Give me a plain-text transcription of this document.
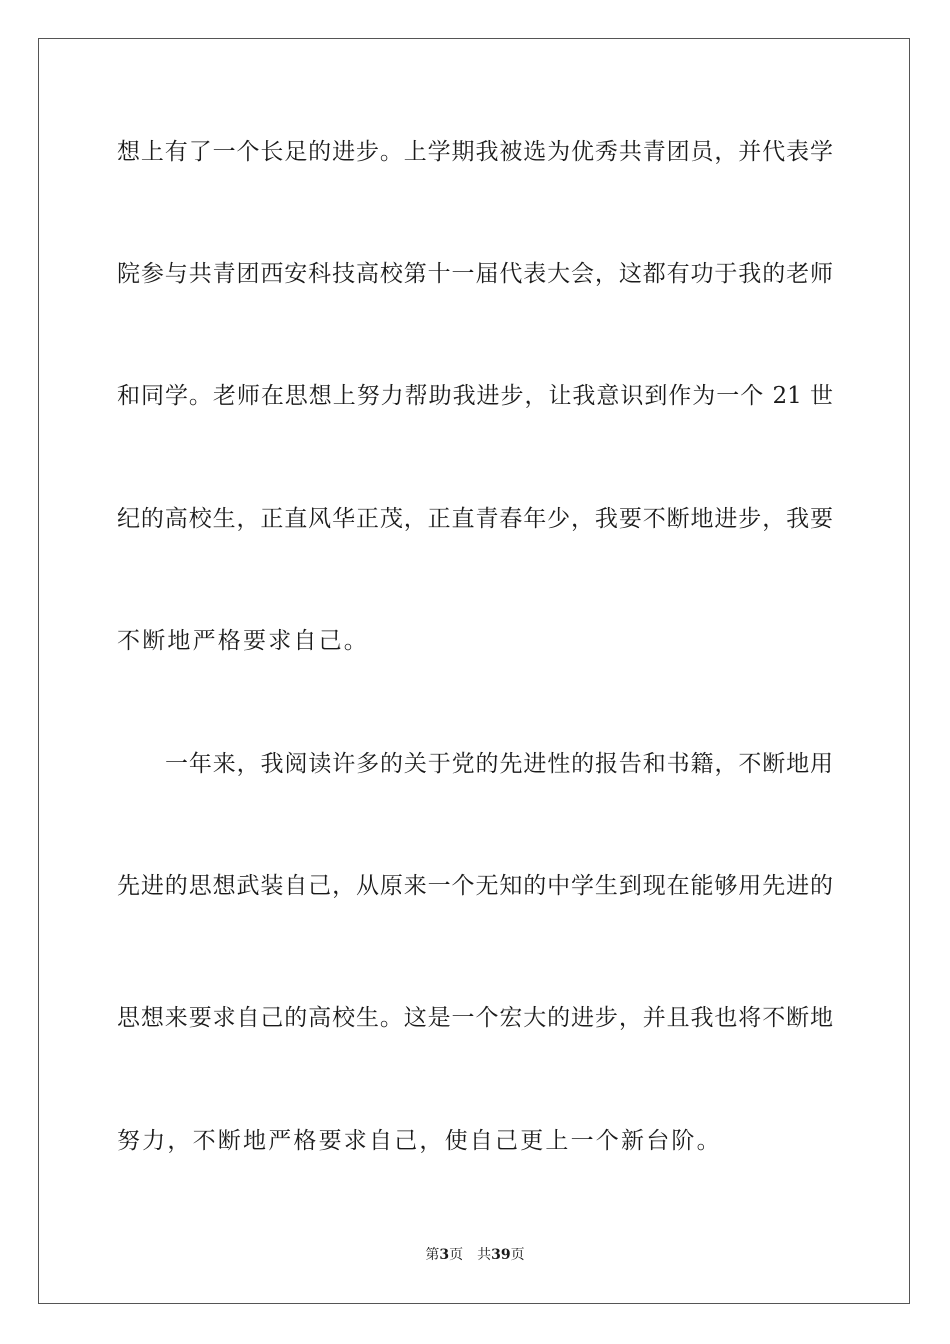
想上有了一个长足的进步。上学期我被选为优秀共青团员，并代表学
院参与共青团西安科技高校第十一届代表大会，这都有功于我的老师
和同学。老师在思想上努力帮助我进步，让我意识到作为一个 21 世
纪的高校生，正直风华正茂，正直青春年少，我要不断地进步，我要
不断地严格要求自己。
一年来，我阅读许多的关于党的先进性的报告和书籍，不断地用
先进的思想武装自己，从原来一个无知的中学生到现在能够用先进的
思想来要求自己的高校生。这是一个宏大的进步，并且我也将不断地
努力，不断地严格要求自己，使自己更上一个新台阶。
第3页 共39页
